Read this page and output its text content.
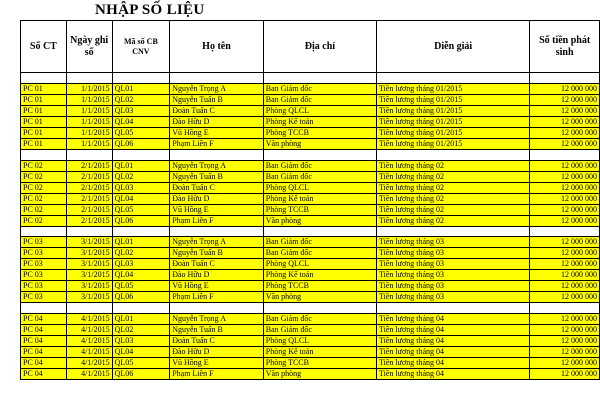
NHẬP SỐ LIỆU
Số CT	Ngày ghi sổ	Mã số CB CNV	Họ tên	Địa chỉ	Diễn giải	Số tiền phát sinh

PC 01	1/1/2015	QL01	Nguyễn Trọng A	Ban Giám đốc	Tiền lương tháng 01/2015	12 000 000
PC 01	1/1/2015	QL02	Nguyễn Tuấn B	Ban Giám đốc	Tiền lương tháng 01/2015	12 000 000
PC 01	1/1/2015	QL03	Đoàn Tuấn C	Phòng QLCL	Tiền lương tháng 01/2015	12 000 000
PC 01	1/1/2015	QL04	Đào Hữu D	Phòng Kế toán	Tiền lương tháng 01/2015	12 000 000
PC 01	1/1/2015	QL05	Vũ Hồng E	Phòng TCCB	Tiền lương tháng 01/2015	12 000 000
PC 01	1/1/2015	QL06	Phạm Liên F	Văn phòng	Tiền lương tháng 01/2015	12 000 000

PC 02	2/1/2015	QL01	Nguyễn Trọng A	Ban Giám đốc	Tiền lương tháng 02	12 000 000
PC 02	2/1/2015	QL02	Nguyễn Tuấn B	Ban Giám đốc	Tiền lương tháng 02	12 000 000
PC 02	2/1/2015	QL03	Đoàn Tuấn C	Phòng QLCL	Tiền lương tháng 02	12 000 000
PC 02	2/1/2015	QL04	Đào Hữu D	Phòng Kế toán	Tiền lương tháng 02	12 000 000
PC 02	2/1/2015	QL05	Vũ Hồng E	Phòng TCCB	Tiền lương tháng 02	12 000 000
PC 02	2/1/2015	QL06	Phạm Liên F	Văn phòng	Tiền lương tháng 02	12 000 000

PC 03	3/1/2015	QL01	Nguyễn Trọng A	Ban Giám đốc	Tiền lương tháng 03	12 000 000
PC 03	3/1/2015	QL02	Nguyễn Tuấn B	Ban Giám đốc	Tiền lương tháng 03	12 000 000
PC 03	3/1/2015	QL03	Đoàn Tuấn C	Phòng QLCL	Tiền lương tháng 03	12 000 000
PC 03	3/1/2015	QL04	Đào Hữu D	Phòng Kế toán	Tiền lương tháng 03	12 000 000
PC 03	3/1/2015	QL05	Vũ Hồng E	Phòng TCCB	Tiền lương tháng 03	12 000 000
PC 03	3/1/2015	QL06	Phạm Liên F	Văn phòng	Tiền lương tháng 03	12 000 000

PC 04	4/1/2015	QL01	Nguyễn Trọng A	Ban Giám đốc	Tiền lương tháng 04	12 000 000
PC 04	4/1/2015	QL02	Nguyễn Tuấn B	Ban Giám đốc	Tiền lương tháng 04	12 000 000
PC 04	4/1/2015	QL03	Đoàn Tuấn C	Phòng QLCL	Tiền lương tháng 04	12 000 000
PC 04	4/1/2015	QL04	Đào Hữu D	Phòng Kế toán	Tiền lương tháng 04	12 000 000
PC 04	4/1/2015	QL05	Vũ Hồng E	Phòng TCCB	Tiền lương tháng 04	12 000 000
PC 04	4/1/2015	QL06	Phạm Liên F	Văn phòng	Tiền lương tháng 04	12 000 000
